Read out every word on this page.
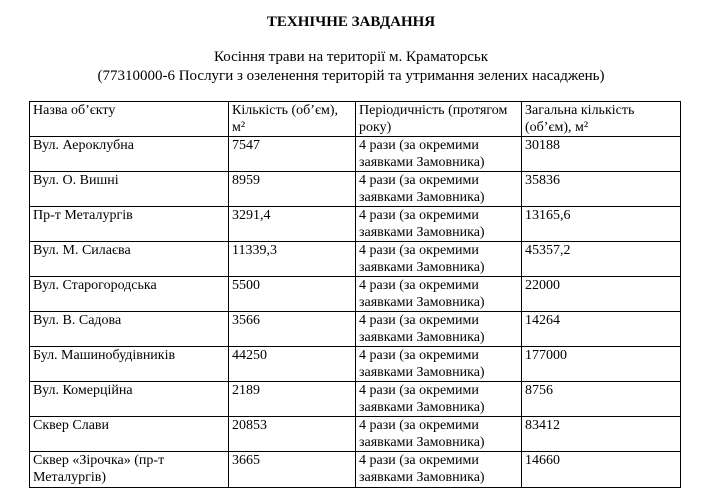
ТЕХНІЧНЕ ЗАВДАННЯ
Косіння трави на території м. Краматорськ
(77310000-6 Послуги з озеленення територій та утримання зелених насаджень)
Назва об’єкту	Кількість (об’єм), м²	Періодичність (протягом року)	Загальна кількість (об’єм), м²
Вул. Аероклубна	7547	4 рази (за окремими заявками Замовника)	30188
Вул. О. Вишні	8959	4 рази (за окремими заявками Замовника)	35836
Пр-т Металургів	3291,4	4 рази (за окремими заявками Замовника)	13165,6
Вул. М. Силаєва	11339,3	4 рази (за окремими заявками Замовника)	45357,2
Вул. Старогородська	5500	4 рази (за окремими заявками Замовника)	22000
Вул. В. Садова	3566	4 рази (за окремими заявками Замовника)	14264
Бул. Машинобудівників	44250	4 рази (за окремими заявками Замовника)	177000
Вул. Комерційна	2189	4 рази (за окремими заявками Замовника)	8756
Сквер Слави	20853	4 рази (за окремими заявками Замовника)	83412
Сквер «Зірочка» (пр-т Металургів)	3665	4 рази (за окремими заявками Замовника)	14660
